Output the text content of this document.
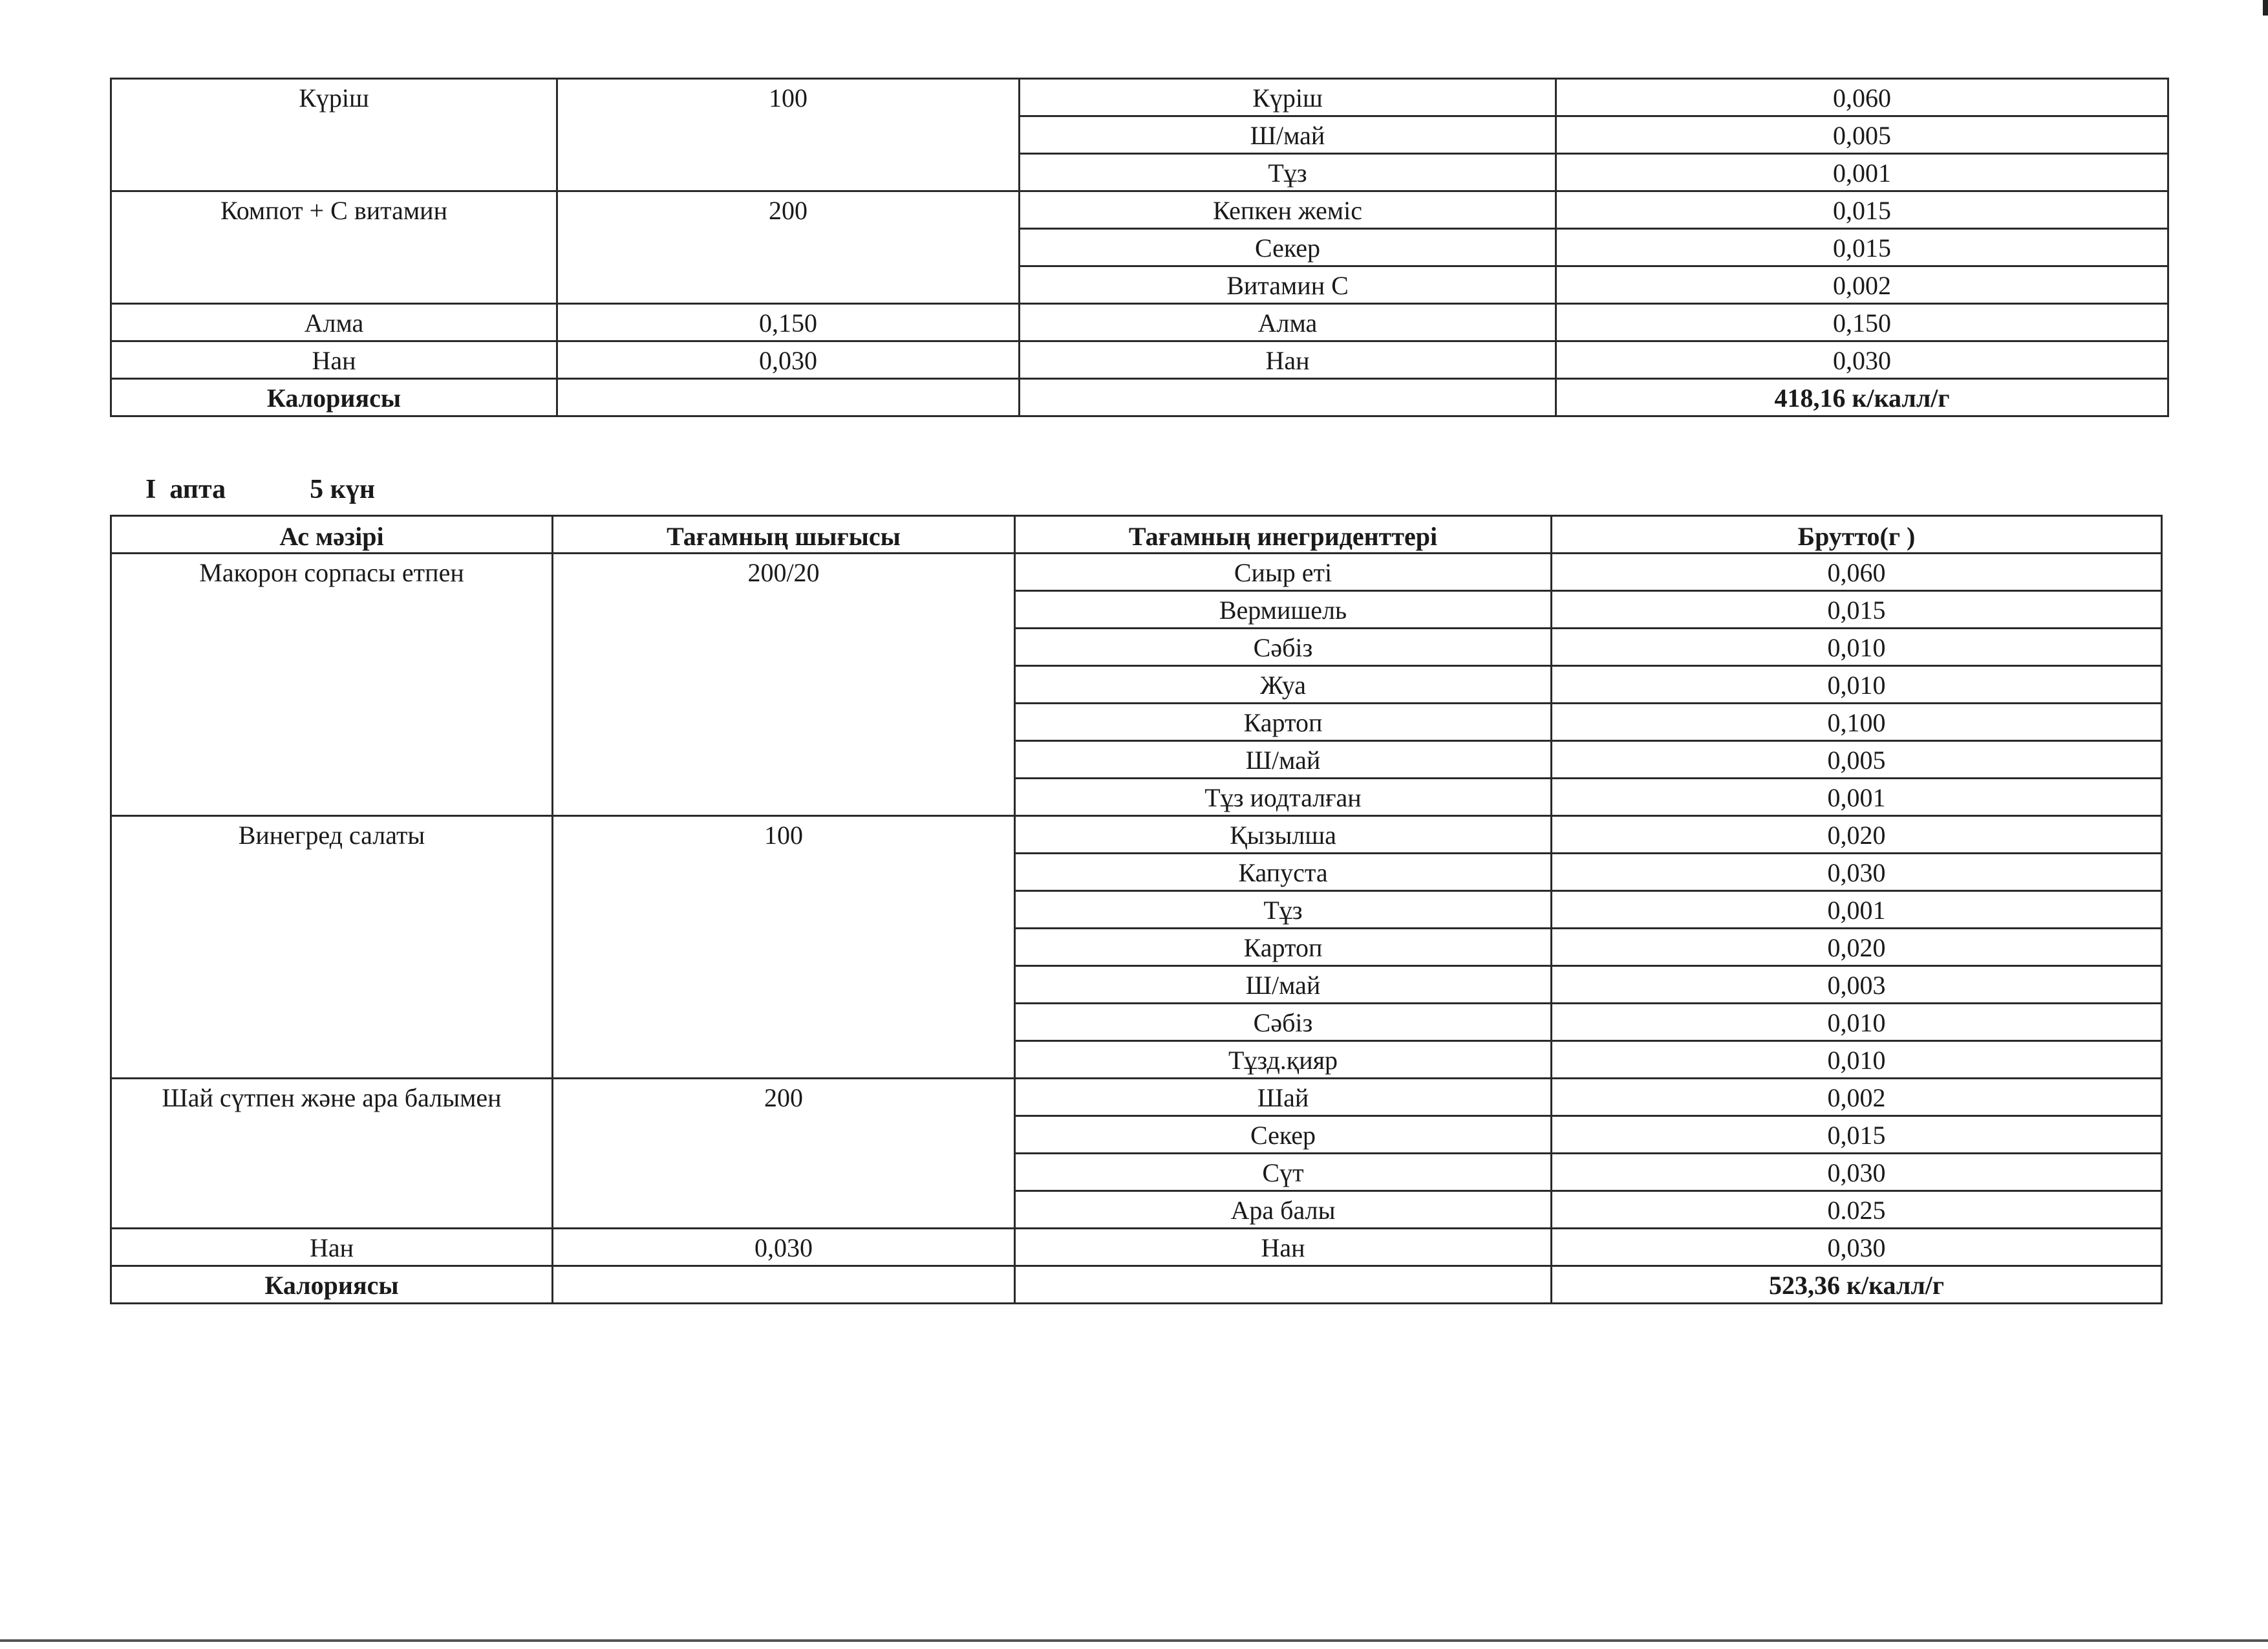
Күріш	100	Күріш	0,060
		Ш/май	0,005
		Тұз	0,001
Компот + С витамин	200	Кепкен жеміс	0,015
		Секер	0,015
		Витамин С	0,002
Алма	0,150	Алма	0,150
Нан	0,030	Нан	0,030
Калориясы			418,16 к/калл/г
I  апта	5 күн
Ас мәзірі	Тағамның шығысы	Тағамның инегриденттері	Брутто(г )
Макорон сорпасы етпен	200/20	Сиыр еті	0,060
		Вермишель	0,015
		Сәбіз	0,010
		Жуа	0,010
		Картоп	0,100
		Ш/май	0,005
		Тұз иодталған	0,001
Винегред салаты	100	Қызылша	0,020
		Капуста	0,030
		Тұз	0,001
		Картоп	0,020
		Ш/май	0,003
		Сәбіз	0,010
		Тұзд.қияр	0,010
Шай сүтпен және ара балымен	200	Шай	0,002
		Секер	0,015
		Сүт	0,030
		Ара балы	0.025
Нан	0,030	Нан	0,030
Калориясы			523,36 к/калл/г
